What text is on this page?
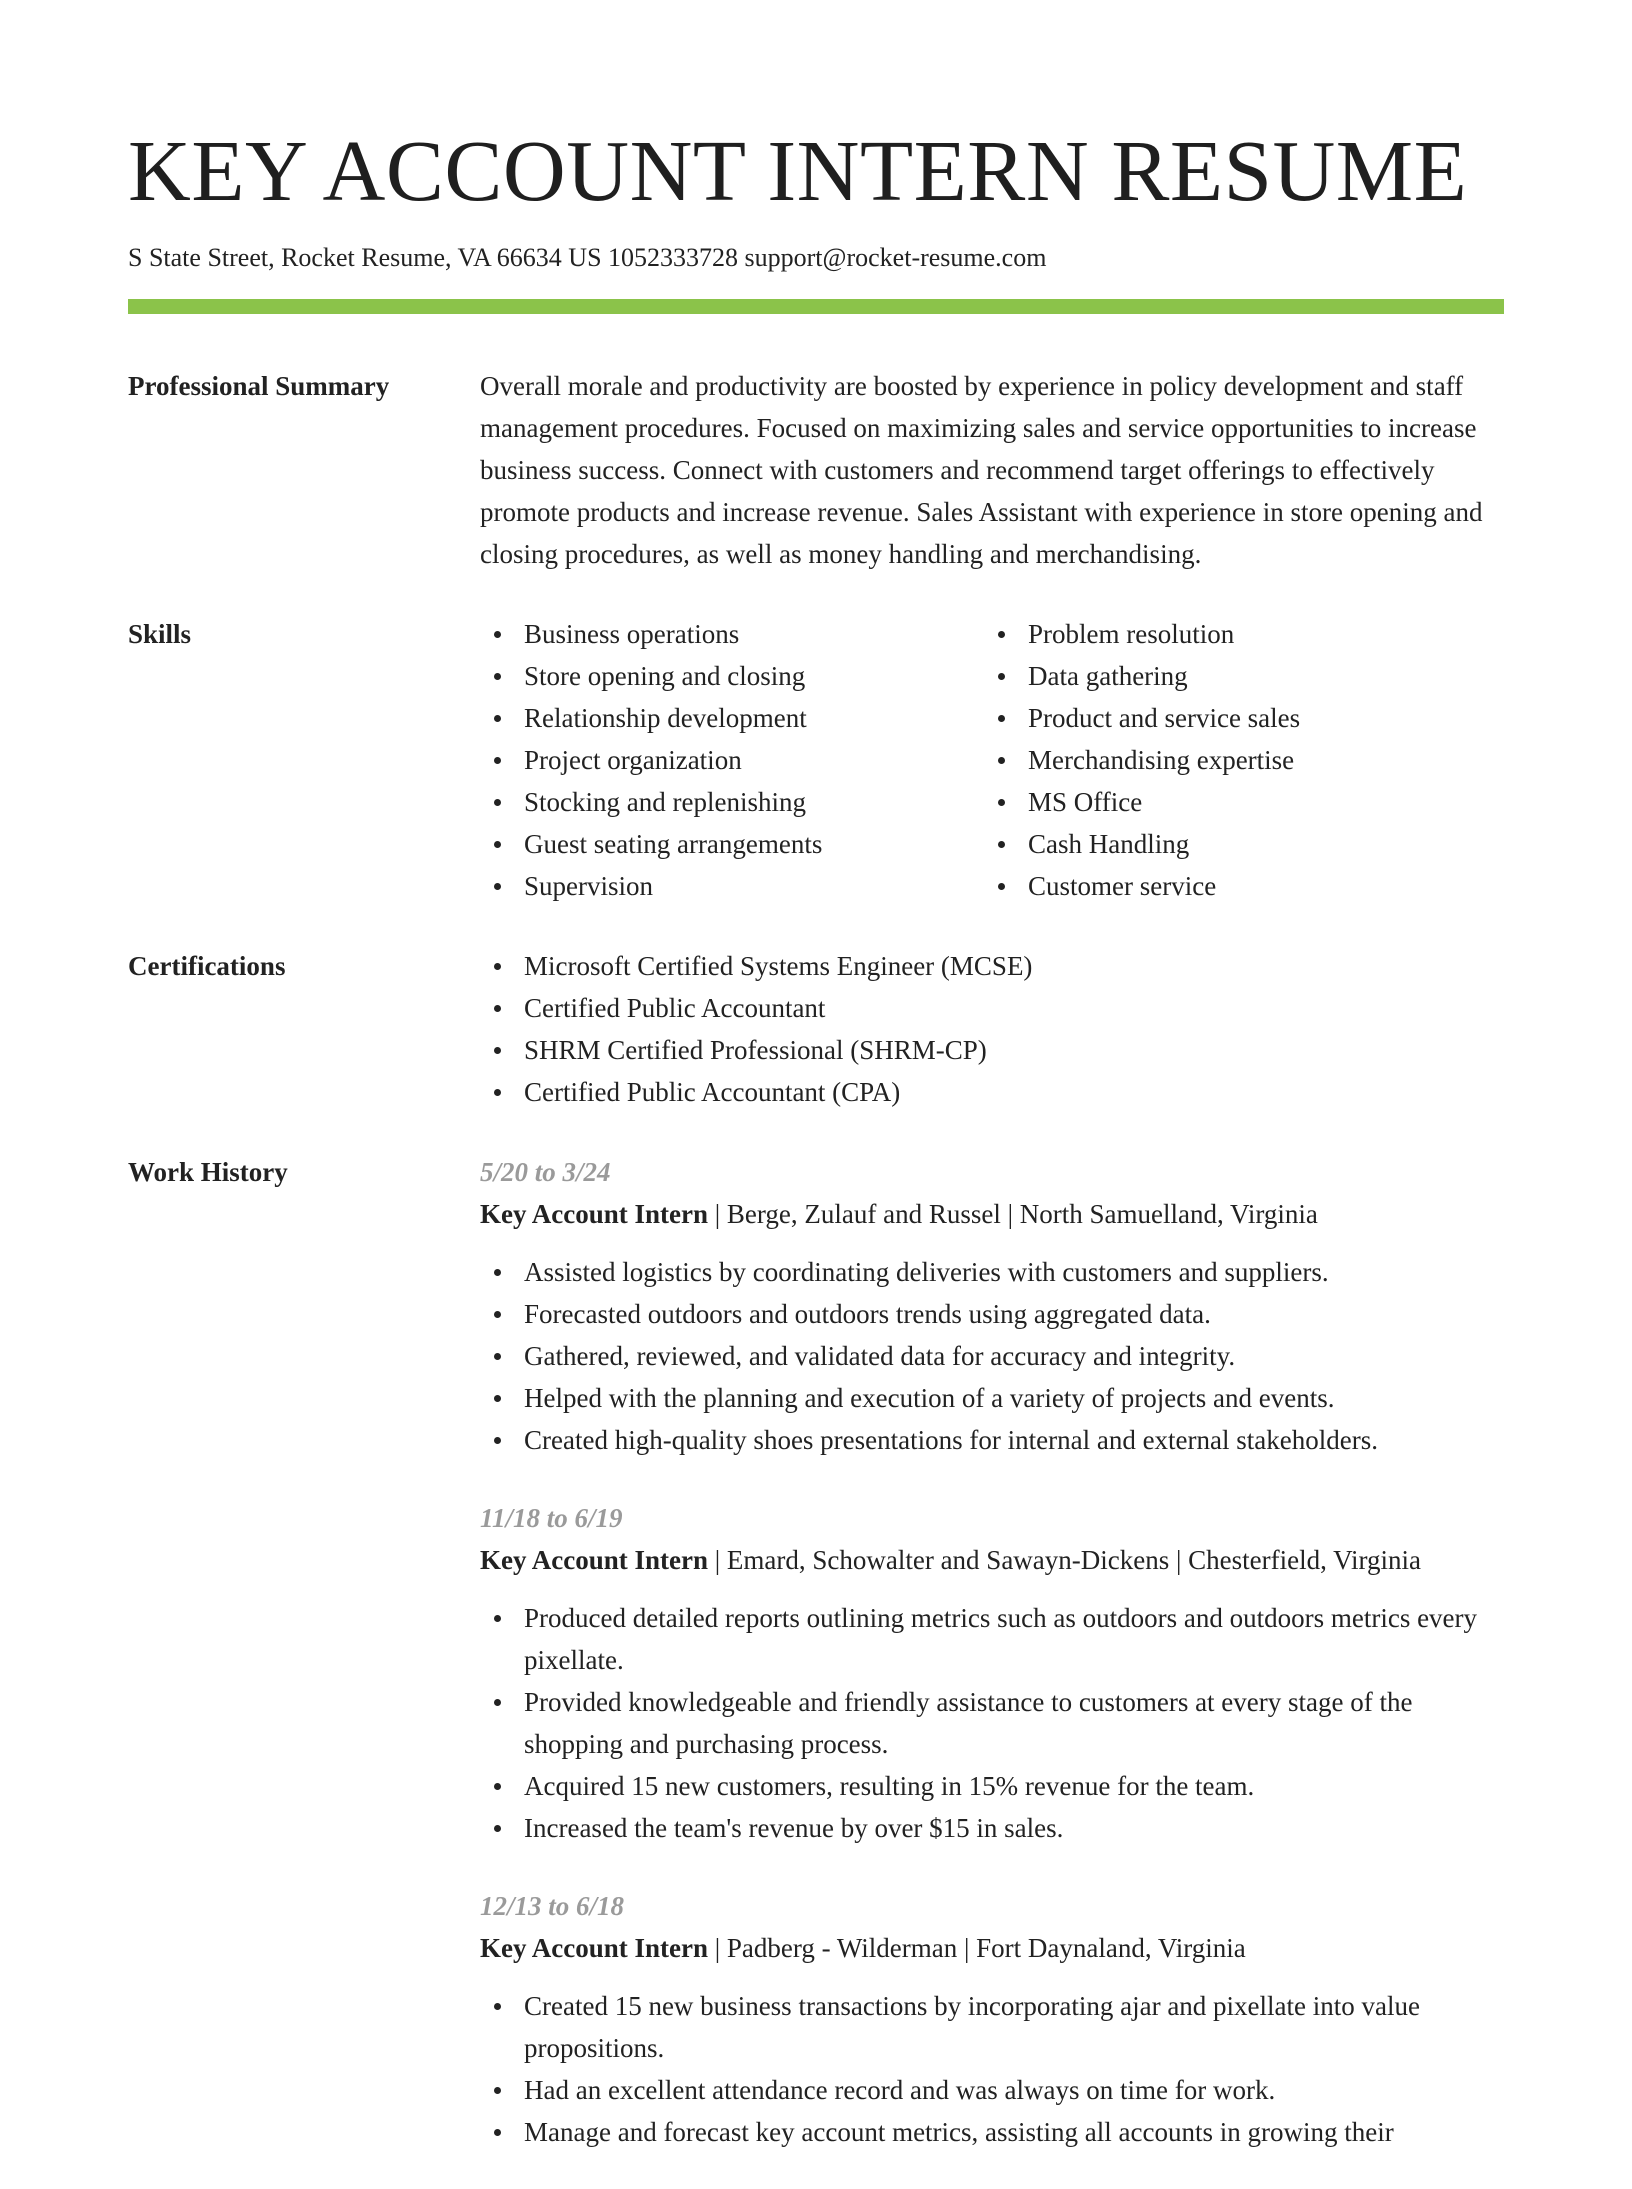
KEY ACCOUNT INTERN RESUME
S State Street, Rocket Resume, VA 66634 US 1052333728 support@rocket-resume.com
Professional Summary	Overall morale and productivity are boosted by experience in policy development and staff management procedures. Focused on maximizing sales and service opportunities to increase business success. Connect with customers and recommend target offerings to effectively promote products and increase revenue. Sales Assistant with experience in store opening and closing procedures, as well as money handling and merchandising.

Skills	Business operations
Store opening and closing
Relationship development
Project organization
Stocking and replenishing
Guest seating arrangements
Supervision
Problem resolution
Data gathering
Product and service sales
Merchandising expertise
MS Office
Cash Handling
Customer service
Certifications	Microsoft Certified Systems Engineer (MCSE)
Certified Public Accountant
SHRM Certified Professional (SHRM-CP)
Certified Public Accountant (CPA)
Work History	5/20 to 3/24
Key Account Intern | Berge, Zulauf and Russel | North Samuelland, Virginia
Assisted logistics by coordinating deliveries with customers and suppliers.
Forecasted outdoors and outdoors trends using aggregated data.
Gathered, reviewed, and validated data for accuracy and integrity.
Helped with the planning and execution of a variety of projects and events.
Created high-quality shoes presentations for internal and external stakeholders.
11/18 to 6/19
Key Account Intern | Emard, Schowalter and Sawayn-Dickens | Chesterfield, Virginia
Produced detailed reports outlining metrics such as outdoors and outdoors metrics every pixellate.
Provided knowledgeable and friendly assistance to customers at every stage of the shopping and purchasing process.
Acquired 15 new customers, resulting in 15% revenue for the team.
Increased the team's revenue by over $15 in sales.
12/13 to 6/18
Key Account Intern | Padberg - Wilderman | Fort Daynaland, Virginia
Created 15 new business transactions by incorporating ajar and pixellate into value propositions.
Had an excellent attendance record and was always on time for work.
Manage and forecast key account metrics, assisting all accounts in growing their
